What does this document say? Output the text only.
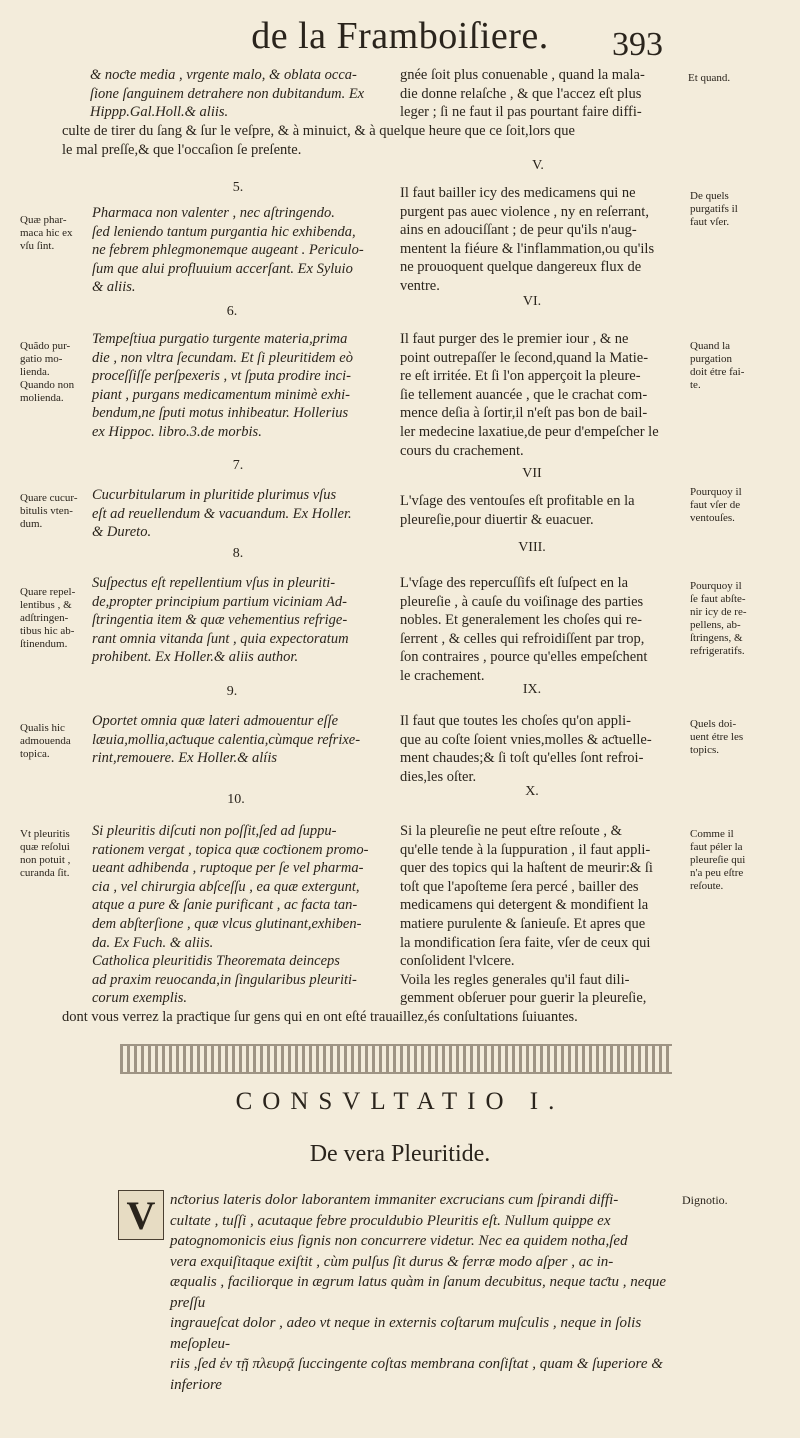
de la Framboiſiere.	393
& noƈte media , vrgente malo, & oblata occa-
ſione ſanguinem detrahere non dubitandum. Ex
Hippp.Gal.Holl.& aliis.
gnée ſoit plus conuenable , quand la mala-
die donne relaſche , & que l'accez eſt plus
leger ; ſi ne faut il pas pourtant faire diffi-
Et quand.
culte de tirer du ſang & ſur le veſpre, & à minuict, & à quelque heure que ce ſoit,lors que
le mal preſſe,& que l'occaſion ſe preſente.
5.
V.
Quæ phar-
maca hic ex
vſu ſint.
Pharmaca non valenter , nec aſtringendo.
ſed leniendo tantum purgantia hic exhibenda,
ne febrem phlegmonemque augeant . Periculo-
ſum que alui profluuium accerſant. Ex Syluio
& aliis.
Il faut bailler icy des medicamens qui ne
purgent pas auec violence , ny en reſerrant,
ains en adouciſſant ; de peur qu'ils n'aug-
mentent la fiéure & l'inflammation,ou qu'ils
ne prouoquent quelque dangereux flux de
ventre.
De quels
purgatifs il
faut vſer.
6.
VI.
Quãdo pur-
gatio mo-
lienda.
Quando non
molienda.
Tempeſtiua purgatio turgente materia,prima
die , non vltra ſecundam. Et ſi pleuritidem eò
proceſſiſſe perſpexeris , vt ſputa prodire inci-
piant , purgans medicamentum minimè exhi-
bendum,ne ſputi motus inhibeatur. Hollerius
ex Hippoc. libro.3.de morbis.
Il faut purger des le premier iour , & ne
point outrepaſſer le ſecond,quand la Matie-
re eſt irritée. Et ſi l'on apperçoit la pleure-
ſie tellement auancée , que le crachat com-
mence deſia à ſortir,il n'eſt pas bon de bail-
ler medecine laxatiue,de peur d'empeſcher le
cours du crachement.
Quand la
purgation
doit étre fai-
te.
7.
VII
Quare cucur-
bitulis vten-
dum.
Cucurbitularum in pluritide plurimus vſus
eſt ad reuellendum & vacuandum. Ex Holler.
& Dureto.
L'vſage des ventouſes eſt profitable en la
pleureſie,pour diuertir & euacuer.
Pourquoy il
faut vſer de
ventouſes.
8.	VIII.
Quare repel-
lentibus , &
adſtringen-
tibus hic ab-
ſtinendum.
Suſpectus eſt repellentium vſus in pleuriti-
de,propter principium partium viciniam Ad-
ſtringentia item & quæ vehementius refrige-
rant omnia vitanda ſunt , quia expectoratum
prohibent. Ex Holler.& aliis author.
L'vſage des repercuſſifs eſt ſuſpect en la
pleureſie , à cauſe du voiſinage des parties
nobles. Et generalement les choſes qui re-
ſerrent , & celles qui refroidiſſent par trop,
ſon contraires , pource qu'elles empeſchent
le crachement.
Pourquoy il
ſe faut abſte-
nir icy de re-
pellens, ab-
ſtringens, &
refrigeratifs.
9.	IX.
Qualis hic
admouenda
topica.
Oportet omnia quæ lateri admouentur eſſe
læuia,mollia,aƈtuque calentia,cùmque refrixe-
rint,remouere. Ex Holler.& alíis
Il faut que toutes les choſes qu'on appli-
que au coſte ſoient vnies,molles & aƈtuelle-
ment chaudes;& ſi toſt qu'elles ſont refroi-
dies,les oſter.
Quels doi-
uent étre les
topics.
10.
X.
Vt pleuritis
quæ reſolui
non potuit ,
curanda ſit.
Si pleuritis diſcuti non poſſit,ſed ad ſuppu-
rationem vergat , topica quæ coƈtionem promo-
ueant adhibenda , ruptoque per ſe vel pharma-
cia , vel chirurgia abſceſſu , ea quæ extergunt,
atque a pure & ſanie purificant , ac facta tan-
dem abſterſione , quæ vlcus glutinant,exhiben-
da. Ex Fuch. & aliis.
Catholica pleuritidis Theoremata deinceps
ad praxim reuocanda,in ſingularibus pleuriti-
corum exemplis.
Si la pleureſie ne peut eſtre reſoute , &
qu'elle tende à la ſuppuration , il faut appli-
quer des topics qui la haſtent de meurir:& ſi
toſt que l'apoſteme ſera percé , bailler des
medicamens qui detergent & mondifient la
matiere purulente & ſanieuſe. Et apres que
la mondification ſera faite, vſer de ceux qui
conſolident l'vlcere.
Voila les regles generales qu'il faut dili-
gemment obſeruer pour guerir la pleureſie,
Comme il
faut péler la
pleureſie qui
n'a peu eſtre
reſoute.
dont vous verrez la praƈtique ſur gens qui en ont eſté trauaillez,és conſultations ſuiuantes.
CONSVLTATIO I.
De vera Pleuritide.
V	Dignotio.
nƈtorius lateris dolor laborantem immaniter excrucians cum ſpirandi diffi-
cultate , tuſſi , acutaque febre proculdubio Pleuritis eſt. Nullum quippe ex
patognomonicis eius ſignis non concurrere videtur. Nec ea quidem notha,ſed
vera exquiſitaque exiſtit , cùm pulſus ſit durus & ferræ modo aſper , ac in-
æqualis , faciliorque in ægrum latus quàm in ſanum decubitus, neque taƈtu , neque preſſu
ingraueſcat dolor , adeo vt neque in externis coſtarum muſculis , neque in ſolis meſopleu-
riis ,ſed ἐν τῇ πλευρᾷ ſuccingente coſtas membrana conſiſtat , quam & ſuperiore &
inferiore
